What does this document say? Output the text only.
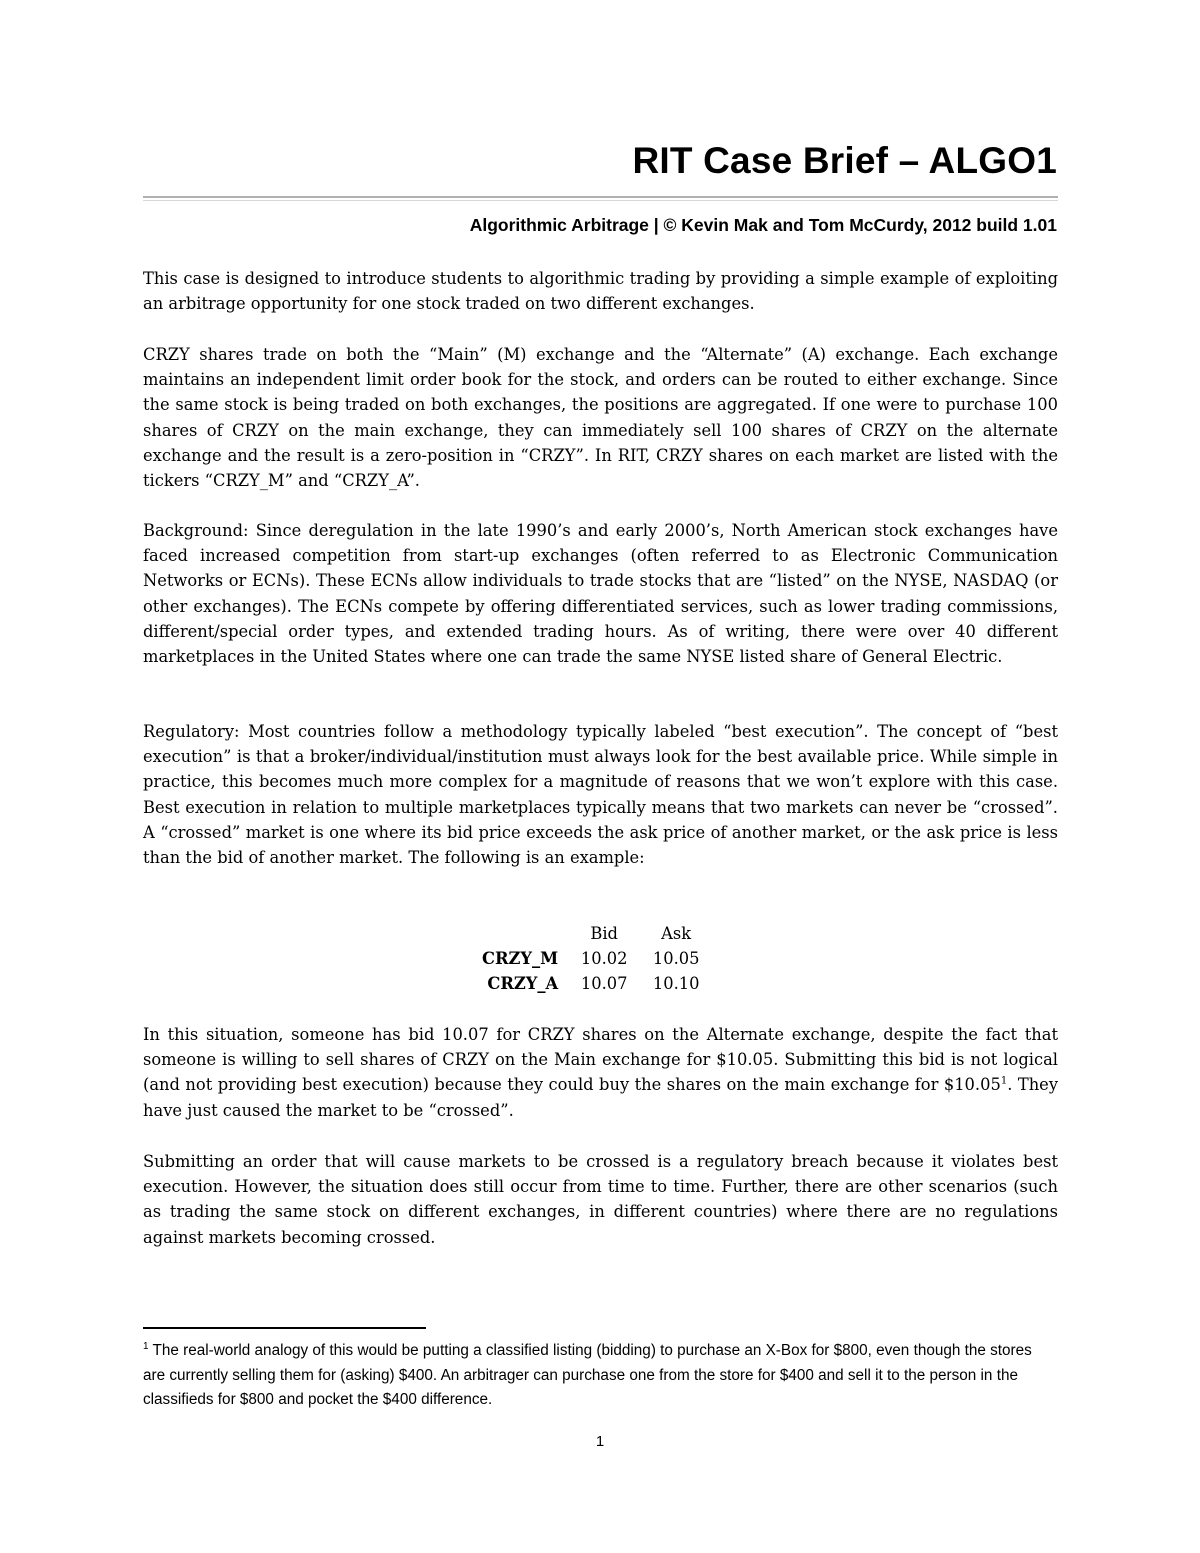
RIT Case Brief – ALGO1

Algorithmic Arbitrage | © Kevin Mak and Tom McCurdy, 2012 build 1.01

This case is designed to introduce students to algorithmic trading by providing a simple example of exploiting an arbitrage opportunity for one stock traded on two different exchanges.

CRZY shares trade on both the “Main” (M) exchange and the “Alternate” (A) exchange. Each exchange maintains an independent limit order book for the stock, and orders can be routed to either exchange. Since the same stock is being traded on both exchanges, the positions are aggregated. If one were to purchase 100 shares of CRZY on the main exchange, they can immediately sell 100 shares of CRZY on the alternate exchange and the result is a zero-position in “CRZY”. In RIT, CRZY shares on each market are listed with the tickers “CRZY_M” and “CRZY_A”.

Background: Since deregulation in the late 1990’s and early 2000’s, North American stock exchanges have faced increased competition from start-up exchanges (often referred to as Electronic Communication Networks or ECNs). These ECNs allow individuals to trade stocks that are “listed” on the NYSE, NASDAQ (or other exchanges). The ECNs compete by offering differentiated services, such as lower trading commissions, different/special order types, and extended trading hours. As of writing, there were over 40 different marketplaces in the United States where one can trade the same NYSE listed share of General Electric.

Regulatory: Most countries follow a methodology typically labeled “best execution”. The concept of “best execution” is that a broker/individual/institution must always look for the best available price. While simple in practice, this becomes much more complex for a magnitude of reasons that we won’t explore with this case. Best execution in relation to multiple marketplaces typically means that two markets can never be “crossed”. A “crossed” market is one where its bid price exceeds the ask price of another market, or the ask price is less than the bid of another market. The following is an example:

	Bid	Ask
CRZY_M	10.02	10.05
CRZY_A	10.07	10.10

In this situation, someone has bid 10.07 for CRZY shares on the Alternate exchange, despite the fact that someone is willing to sell shares of CRZY on the Main exchange for $10.05. Submitting this bid is not logical (and not providing best execution) because they could buy the shares on the main exchange for $10.05$^1$. They have just caused the market to be “crossed”.

Submitting an order that will cause markets to be crossed is a regulatory breach because it violates best execution. However, the situation does still occur from time to time. Further, there are other scenarios (such as trading the same stock on different exchanges, in different countries) where there are no regulations against markets becoming crossed.

$^1$ The real-world analogy of this would be putting a classified listing (bidding) to purchase an X-Box for $800, even though the stores are currently selling them for (asking) $400. An arbitrager can purchase one from the store for $400 and sell it to the person in the classifieds for $800 and pocket the $400 difference.

1
